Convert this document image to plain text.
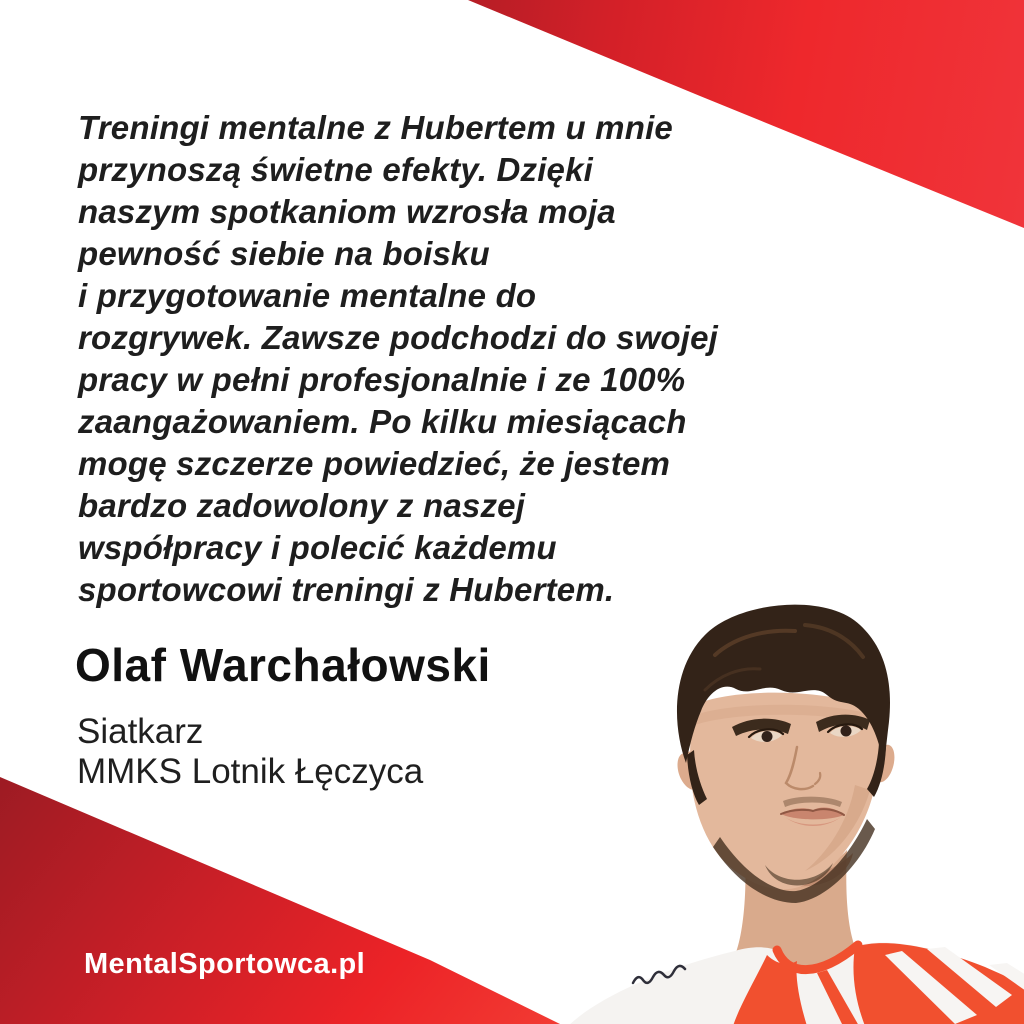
Treningi mentalne z Hubertem u mnie
przynoszą świetne efekty. Dzięki
naszym spotkaniom wzrosła moja
pewność siebie na boisku
i przygotowanie mentalne do
rozgrywek. Zawsze podchodzi do swojej
pracy w pełni profesjonalnie i ze 100%
zaangażowaniem. Po kilku miesiącach
mogę szczerze powiedzieć, że jestem
bardzo zadowolony z naszej
współpracy i polecić każdemu
sportowcowi treningi z Hubertem.
Olaf Warchałowski
Siatkarz
MMKS Lotnik Łęczyca
MentalSportowca.pl
